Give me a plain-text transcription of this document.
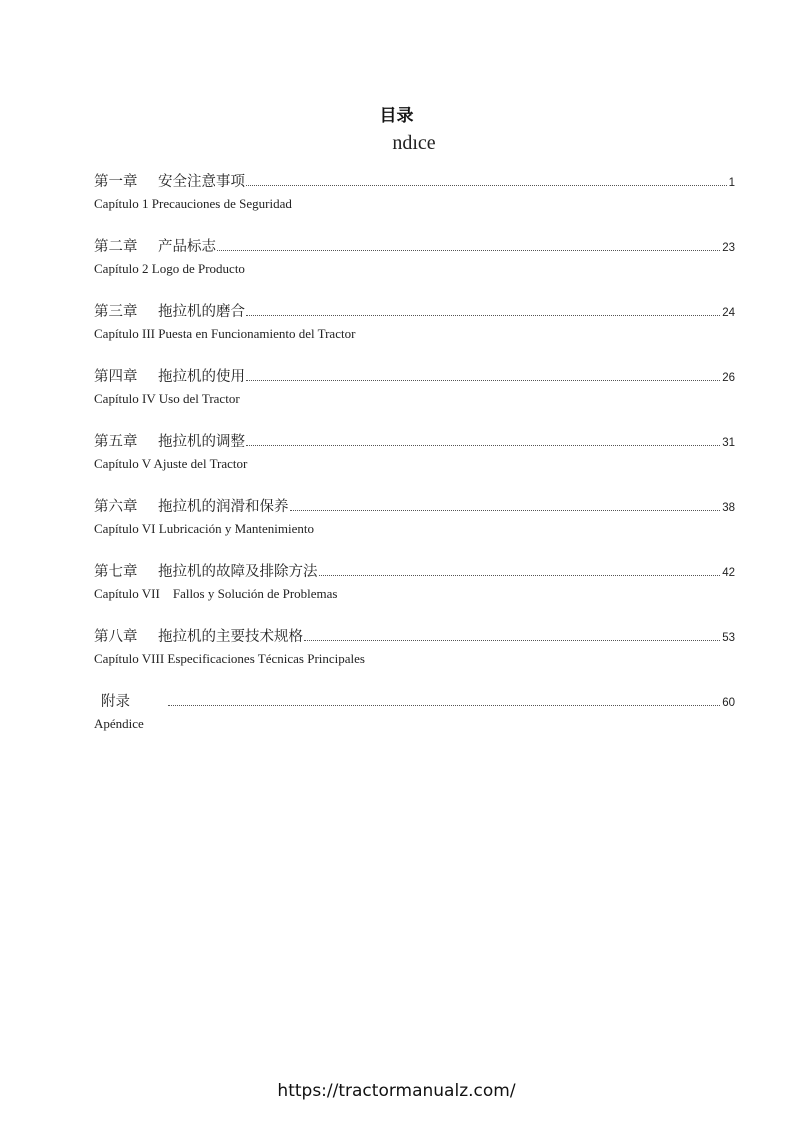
目录
ndıce
第一章	安全注意事项	1
Capítulo 1 Precauciones de Seguridad
第二章	产品标志	23
Capítulo 2 Logo de Producto
第三章	拖拉机的磨合	24
Capítulo III Puesta en Funcionamiento del Tractor
第四章	拖拉机的使用	26
Capítulo IV Uso del Tractor
第五章	拖拉机的调整	31
Capítulo V Ajuste del Tractor
第六章	拖拉机的润滑和保养	38
Capítulo VI Lubricación y Mantenimiento
第七章	拖拉机的故障及排除方法	42
Capítulo VII    Fallos y Solución de Problemas
第八章	拖拉机的主要技术规格	53
Capítulo VIII Especificaciones Técnicas Principales
附录	60
Apéndice
https://tractormanualz.com/
